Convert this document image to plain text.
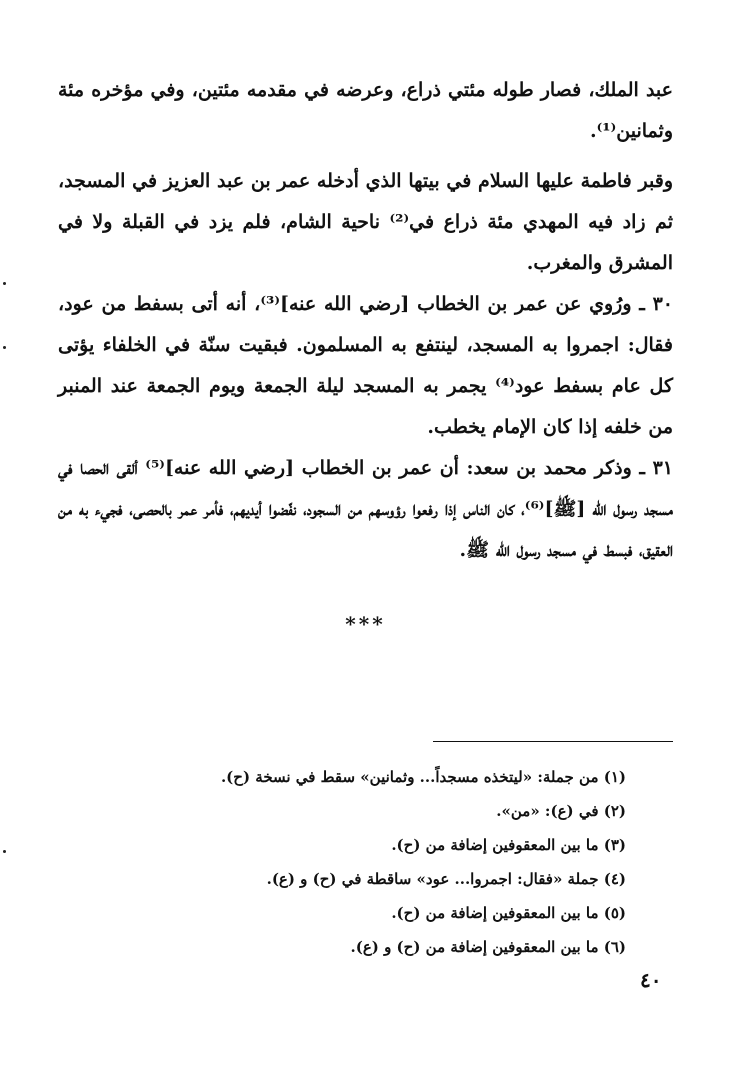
عبد الملك، فصار طوله مئتي ذراع، وعرضه في مقدمه مئتين، وفي مؤخره مئة وثمانين⁽¹⁾.

وقبر فاطمة عليها السلام في بيتها الذي أدخله عمر بن عبد العزيز في المسجد، ثم زاد فيه المهدي مئة ذراع في⁽²⁾ ناحية الشام، فلم يزد في القبلة ولا في المشرق والمغرب.

٣٠ ـ ورُوي عن عمر بن الخطاب [رضي الله عنه]⁽³⁾، أنه أتى بسفط من عود، فقال: اجمروا به المسجد، لينتفع به المسلمون. فبقيت سنّة في الخلفاء يؤتى كل عام بسفط عود⁽⁴⁾ يجمر به المسجد ليلة الجمعة ويوم الجمعة عند المنبر من خلفه إذا كان الإمام يخطب.

٣١ ـ وذكر محمد بن سعد: أن عمر بن الخطاب [رضي الله عنه]⁽⁵⁾ ألقى الحصا في مسجد رسول الله [ﷺ]⁽⁶⁾، كان الناس إذا رفعوا رؤوسهم من السجود، نفّضوا أيديهم، فأمر عمر بالحصى، فجيء به من العقيق، فبسط في مسجد رسول الله ﷺ.

***
(١) من جملة: «ليتخذه مسجداً... وثمانين» سقط في نسخة (ح).
(٢) في (ع): «من».
(٣) ما بين المعقوفين إضافة من (ح).
(٤) جملة «فقال: اجمروا... عود» ساقطة في (ح) و (ع).
(٥) ما بين المعقوفين إضافة من (ح).
(٦) ما بين المعقوفين إضافة من (ح) و (ع).
٤٠
